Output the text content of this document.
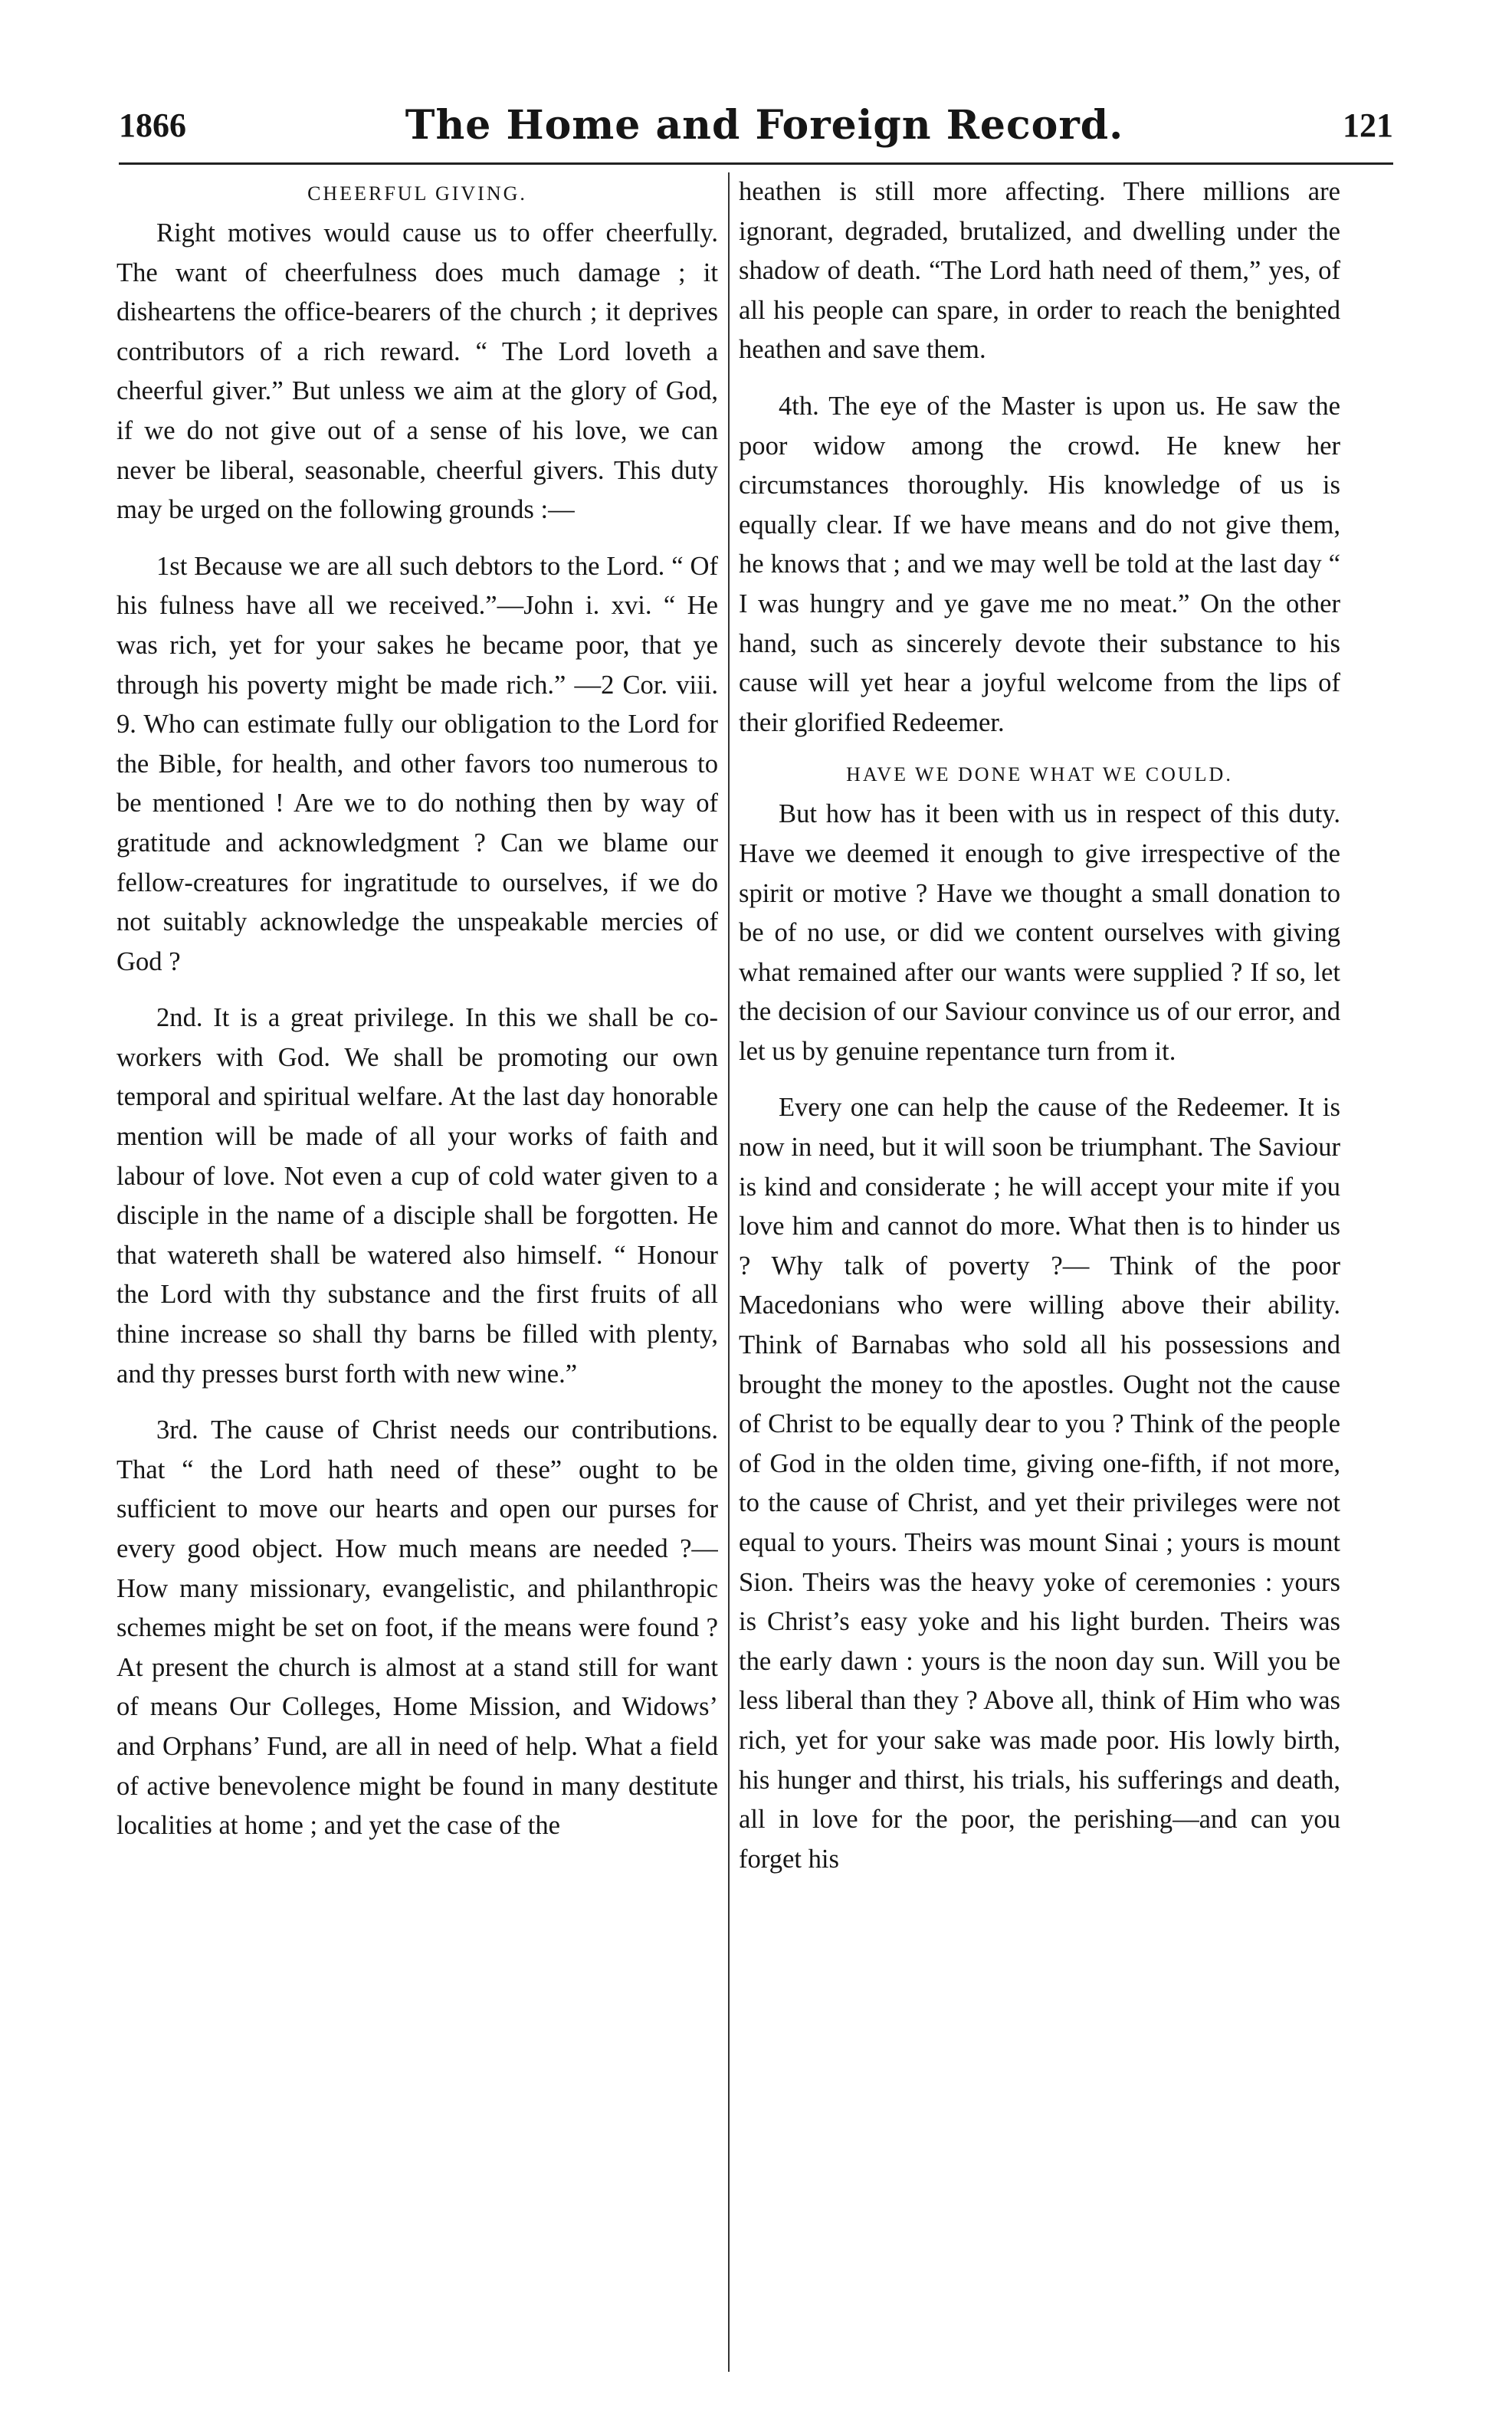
1866	The Home and Foreign Record.	121
CHEERFUL GIVING.

Right motives would cause us to offer cheerfully. The want of cheerfulness does much damage ; it disheartens the office-bearers of the church ; it deprives contributors of a rich reward. “ The Lord loveth a cheerful giver.” But unless we aim at the glory of God, if we do not give out of a sense of his love, we can never be liberal, seasonable, cheerful givers. This duty may be urged on the following grounds :—

1st Because we are all such debtors to the Lord. “ Of his fulness have all we received.”—John i. xvi. “ He was rich, yet for your sakes he became poor, that ye through his poverty might be made rich.” —2 Cor. viii. 9. Who can estimate fully our obligation to the Lord for the Bible, for health, and other favors too numerous to be mentioned ! Are we to do nothing then by way of gratitude and acknowledgment ? Can we blame our fellow-creatures for ingratitude to ourselves, if we do not suitably acknowledge the unspeakable mercies of God ?

2nd. It is a great privilege. In this we shall be co-workers with God. We shall be promoting our own temporal and spiritual welfare. At the last day honorable mention will be made of all your works of faith and labour of love. Not even a cup of cold water given to a disciple in the name of a disciple shall be forgotten. He that watereth shall be watered also himself. “ Honour the Lord with thy substance and the first fruits of all thine increase so shall thy barns be filled with plenty, and thy presses burst forth with new wine.”

3rd. The cause of Christ needs our contributions. That “ the Lord hath need of these” ought to be sufficient to move our hearts and open our purses for every good object. How much means are needed ?— How many missionary, evangelistic, and philanthropic schemes might be set on foot, if the means were found ? At present the church is almost at a stand still for want of means Our Colleges, Home Mission, and Widows’ and Orphans’ Fund, are all in need of help. What a field of active benevolence might be found in many destitute localities at home ; and yet the case of the

heathen is still more affecting. There millions are ignorant, degraded, brutalized, and dwelling under the shadow of death. “The Lord hath need of them,” yes, of all his people can spare, in order to reach the benighted heathen and save them.

4th. The eye of the Master is upon us. He saw the poor widow among the crowd. He knew her circumstances thoroughly. His knowledge of us is equally clear. If we have means and do not give them, he knows that ; and we may well be told at the last day “ I was hungry and ye gave me no meat.” On the other hand, such as sincerely devote their substance to his cause will yet hear a joyful welcome from the lips of their glorified Redeemer.

HAVE WE DONE WHAT WE COULD.

But how has it been with us in respect of this duty. Have we deemed it enough to give irrespective of the spirit or motive ? Have we thought a small donation to be of no use, or did we content ourselves with giving what remained after our wants were supplied ? If so, let the decision of our Saviour convince us of our error, and let us by genuine repentance turn from it.

Every one can help the cause of the Redeemer. It is now in need, but it will soon be triumphant. The Saviour is kind and considerate ; he will accept your mite if you love him and cannot do more. What then is to hinder us ? Why talk of poverty ?— Think of the poor Macedonians who were willing above their ability. Think of Barnabas who sold all his possessions and brought the money to the apostles. Ought not the cause of Christ to be equally dear to you ? Think of the people of God in the olden time, giving one-fifth, if not more, to the cause of Christ, and yet their privileges were not equal to yours. Theirs was mount Sinai ; yours is mount Sion. Theirs was the heavy yoke of ceremonies : yours is Christ’s easy yoke and his light burden. Theirs was the early dawn : yours is the noon day sun. Will you be less liberal than they ? Above all, think of Him who was rich, yet for your sake was made poor. His lowly birth, his hunger and thirst, his trials, his sufferings and death, all in love for the poor, the perishing—and can you forget his
